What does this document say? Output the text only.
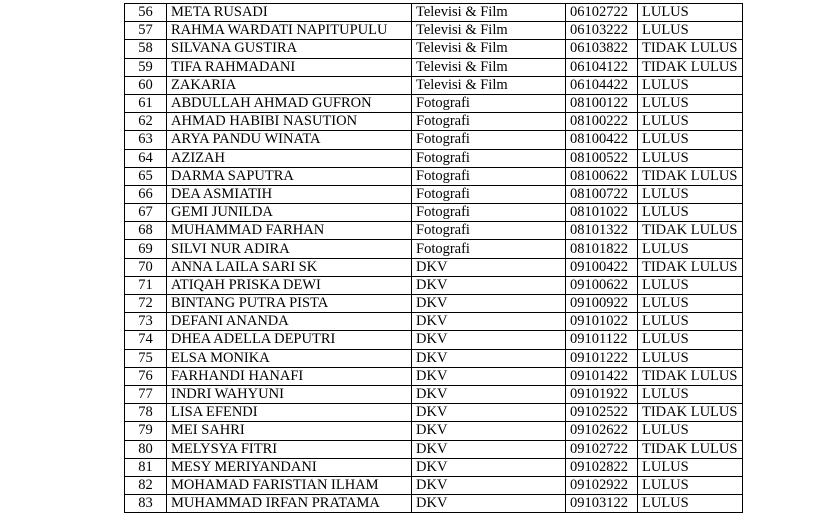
56	META RUSADI	Televisi & Film	06102722	LULUS
57	RAHMA WARDATI NAPITUPULU	Televisi & Film	06103222	LULUS
58	SILVANA GUSTIRA	Televisi & Film	06103822	TIDAK LULUS
59	TIFA RAHMADANI	Televisi & Film	06104122	TIDAK LULUS
60	ZAKARIA	Televisi & Film	06104422	LULUS
61	ABDULLAH AHMAD GUFRON	Fotografi	08100122	LULUS
62	AHMAD HABIBI NASUTION	Fotografi	08100222	LULUS
63	ARYA PANDU WINATA	Fotografi	08100422	LULUS
64	AZIZAH	Fotografi	08100522	LULUS
65	DARMA SAPUTRA	Fotografi	08100622	TIDAK LULUS
66	DEA ASMIATIH	Fotografi	08100722	LULUS
67	GEMI JUNILDA	Fotografi	08101022	LULUS
68	MUHAMMAD FARHAN	Fotografi	08101322	TIDAK LULUS
69	SILVI NUR ADIRA	Fotografi	08101822	LULUS
70	ANNA LAILA SARI SK	DKV	09100422	TIDAK LULUS
71	ATIQAH PRISKA DEWI	DKV	09100622	LULUS
72	BINTANG PUTRA PISTA	DKV	09100922	LULUS
73	DEFANI ANANDA	DKV	09101022	LULUS
74	DHEA ADELLA DEPUTRI	DKV	09101122	LULUS
75	ELSA MONIKA	DKV	09101222	LULUS
76	FARHANDI HANAFI	DKV	09101422	TIDAK LULUS
77	INDRI WAHYUNI	DKV	09101922	LULUS
78	LISA EFENDI	DKV	09102522	TIDAK LULUS
79	MEI SAHRI	DKV	09102622	LULUS
80	MELYSYA FITRI	DKV	09102722	TIDAK LULUS
81	MESY MERIYANDANI	DKV	09102822	LULUS
82	MOHAMAD FARISTIAN ILHAM	DKV	09102922	LULUS
83	MUHAMMAD IRFAN PRATAMA	DKV	09103122	LULUS
